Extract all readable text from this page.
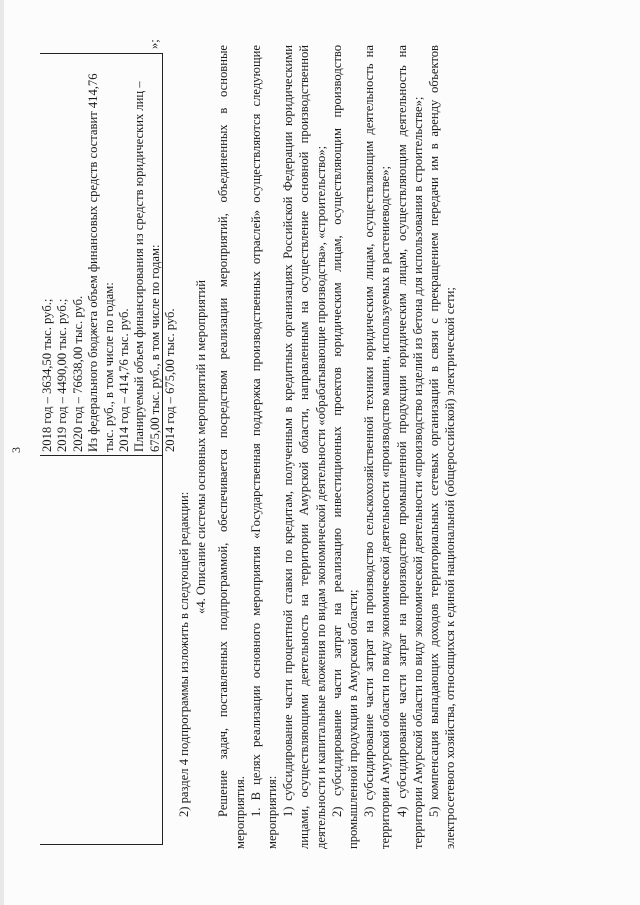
3 2018 год – 3634,50 тыс. руб.; 2019 год – 4490,00 тыс. руб.; 2020 год – 76638,00 тыс. руб. Из федерального бюджета объем финансовых средств составит 414,76 тыс. руб., в том числе по годам: 2014 год – 414,76 тыс. руб. Планируемый объем финансирования из средств юридических лиц – 675,00 тыс. руб., в том числе по годам: 2014 год – 675,00 тыс. руб.
»;

2) раздел 4 подпрограммы изложить в следующей редакции:

«4. Описание системы основных мероприятий и мероприятий Решение задач, поставленных подпрограммой, обеспечивается посредством реализации мероприятий, объединенных в основные мероприятия. 1. В целях реализации основного мероприятия «Государственная поддержка производственных отраслей» осуществляются следующие мероприятия: 1) субсидирование части процентной ставки по кредитам, полученным в кредитных организациях Российской Федерации юридическими лицами, осуществляющими деятельность на территории Амурской области, направленным на осуществление основной производственной деятельности и капитальные вложения по видам экономической деятельности «обрабатывающие производства», «строительство»; 2) субсидирование части затрат на реализацию инвестиционных проектов юридическим лицам, осуществляющим производство промышленной продукции в Амурской области; 3) субсидирование части затрат на производство сельскохозяйственной техники юридическим лицам, осуществляющим деятельность на территории Амурской области по виду экономической деятельности «производство машин, используемых в растениеводстве»; 4) субсидирование части затрат на производство промышленной продукции юридическим лицам, осуществляющим деятельность на территории Амурской области по виду экономической деятельности «производство изделий из бетона для использования в строительстве»; 5) компенсация выпадающих доходов территориальных сетевых организаций в связи с прекращением передачи им в аренду объектов электросетевого хозяйства, относящихся к единой национальной (общероссийской) электрической сети;
